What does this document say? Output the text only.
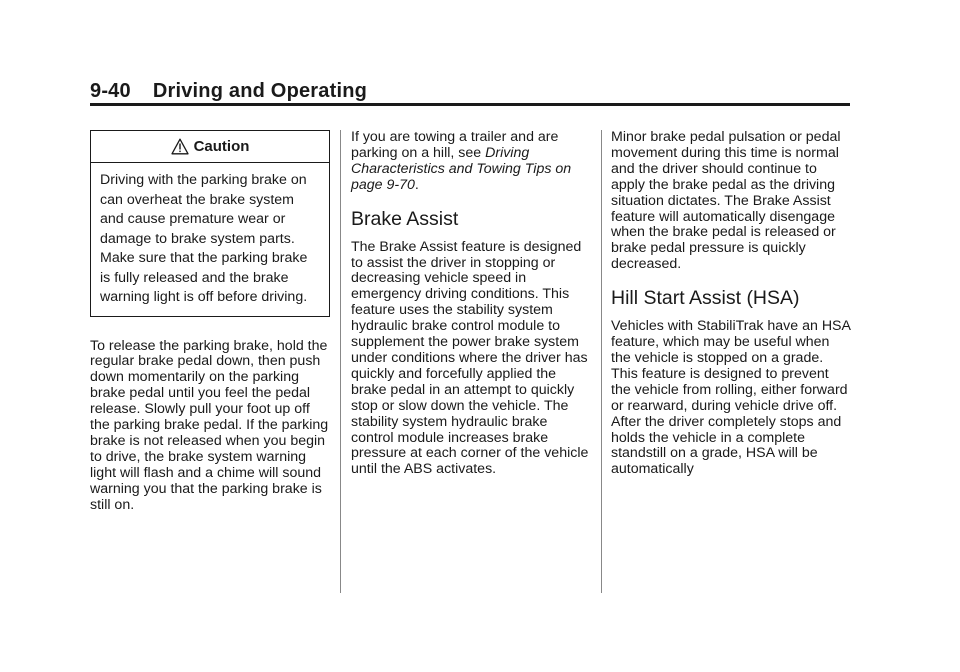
9-40 Driving and Operating
Caution
Driving with the parking brake on can overheat the brake system and cause premature wear or damage to brake system parts. Make sure that the parking brake is fully released and the brake warning light is off before driving.

To release the parking brake, hold the regular brake pedal down, then push down momentarily on the parking brake pedal until you feel the pedal release. Slowly pull your foot up off the parking brake pedal. If the parking brake is not released when you begin to drive, the brake system warning light will flash and a chime will sound warning you that the parking brake is still on.

If you are towing a trailer and are parking on a hill, see Driving Characteristics and Towing Tips on page 9-70.

Brake Assist

The Brake Assist feature is designed to assist the driver in stopping or decreasing vehicle speed in emergency driving conditions. This feature uses the stability system hydraulic brake control module to supplement the power brake system under conditions where the driver has quickly and forcefully applied the brake pedal in an attempt to quickly stop or slow down the vehicle. The stability system hydraulic brake control module increases brake pressure at each corner of the vehicle until the ABS activates.

Minor brake pedal pulsation or pedal movement during this time is normal and the driver should continue to apply the brake pedal as the driving situation dictates. The Brake Assist feature will automatically disengage when the brake pedal is released or brake pedal pressure is quickly decreased.

Hill Start Assist (HSA)

Vehicles with StabiliTrak have an HSA feature, which may be useful when the vehicle is stopped on a grade. This feature is designed to prevent the vehicle from rolling, either forward or rearward, during vehicle drive off. After the driver completely stops and holds the vehicle in a complete standstill on a grade, HSA will be automatically
